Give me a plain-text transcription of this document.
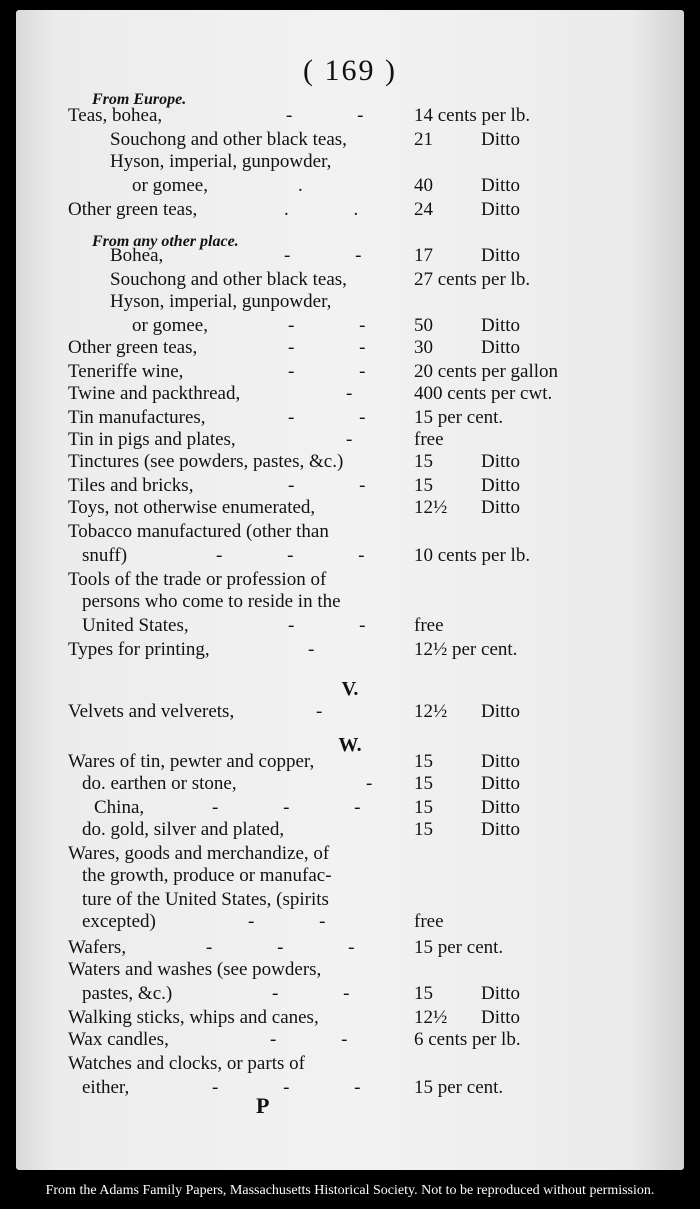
( 169 )
From Europe.
From any other place.
V.
W.
P
Teas, bohea,	- - 14 cents per lb.
Souchong and other black teas,	21	Ditto
Hyson, imperial, gunpowder,
or gomee,	.	40	Ditto
Other green teas,	. . 24	Ditto
Bohea,	- - 17	Ditto
Souchong and other black teas,	27 cents per lb.
Hyson, imperial, gunpowder,
or gomee,	- - 50	Ditto
Other green teas,	- - 30	Ditto
Teneriffe wine,	- - 20 cents per gallon
Twine and packthread,	- 400 cents per cwt.
Tin manufactures,	- - 15 per cent.
Tin in pigs and plates,	- free
Tinctures (see powders, pastes, &c.)	15	Ditto
Tiles and bricks,	- - 15	Ditto
Toys, not otherwise enumerated,	12½ Ditto
Tobacco manufactured (other than
snuff)	- - - 10 cents per lb.
Tools of the trade or profession of
persons who come to reside in the
United States,	- - free
Types for printing,	-	12½ per cent.
Velvets and velverets,	-	12½ Ditto
Wares of tin, pewter and copper,	15	Ditto
do. earthen or stone,	- 15	Ditto
China,	- - - 15	Ditto
do. gold, silver and plated,	15	Ditto
Wares, goods and merchandize, of
the growth, produce or manufac-
ture of the United States, (spirits
excepted)	- -	free
Wafers,	- - - 15 per cent.
Waters and washes (see powders,
pastes, &c.)	- - 15	Ditto
Walking sticks, whips and canes,	12½ Ditto
Wax candles,	- - 6 cents per lb.
Watches and clocks, or parts of
either,	- - - 15 per cent.
From the Adams Family Papers, Massachusetts Historical Society. Not to be reproduced without permission.
